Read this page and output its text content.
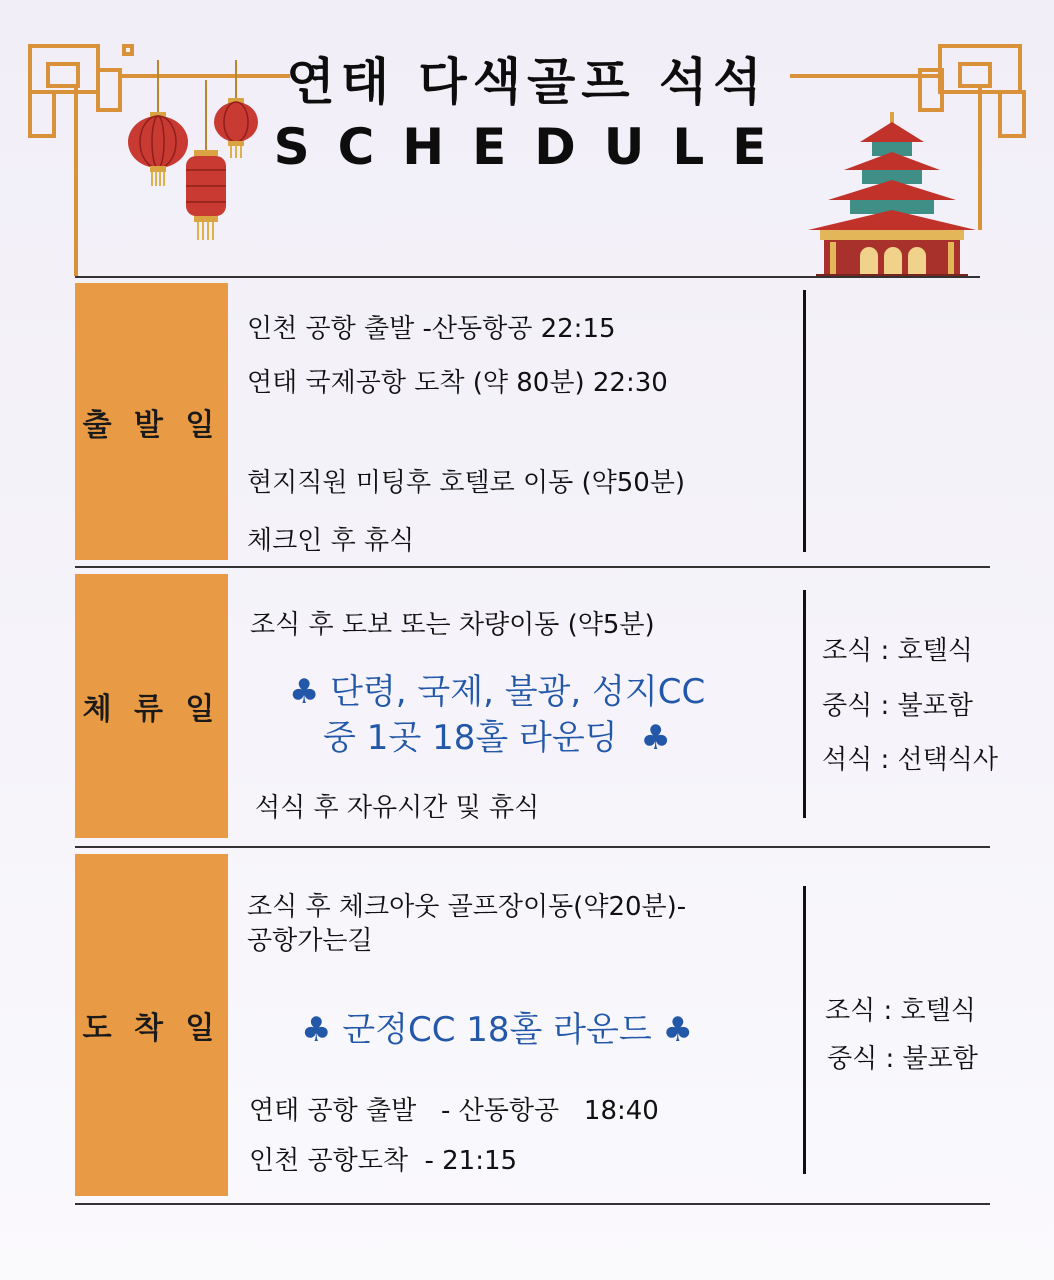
연태 다색골프 석석
SCHEDULE
출 발 일
인천 공항 출발 -산동항공 22:15
연태 국제공항 도착 (약 80분) 22:30
현지직원 미팅후 호텔로 이동 (약50분)
체크인 후 휴식
체 류 일
조식 후 도보 또는 차량이동 (약5분)
♣ 단령, 국제, 불광, 성지CC
중 1곳 18홀 라운딩 ♣
석식 후 자유시간 및 휴식
조식 : 호텔식
중식 : 불포함
석식 : 선택식사
도 착 일
조식 후 체크아웃 골프장이동(약20분)-
공항가는길
♣ 군정CC 18홀 라운드 ♣
연태 공항 출발   - 산동항공   18:40
인천 공항도착  - 21:15
조식 : 호텔식
중식 : 불포함
